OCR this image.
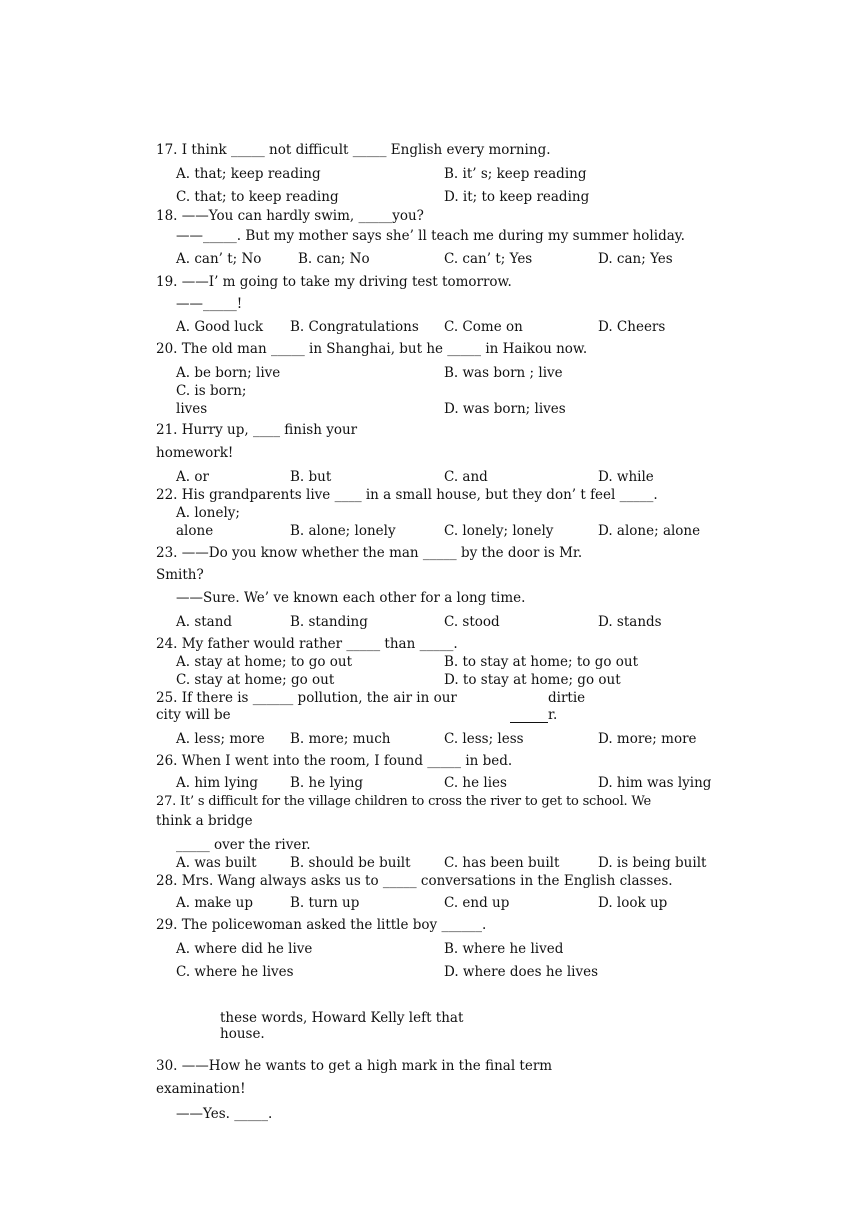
17. I think _____ not difficult _____ English every morning.
A. that; keep reading	B. it’ s; keep reading
C. that; to keep reading	D. it; to keep reading
18. ——You can hardly swim, _____you?
——_____. But my mother says she’ ll teach me during my summer holiday.
A. can’ t; No	B. can; No	C. can’ t; Yes	D. can; Yes
19. ——I’ m going to take my driving test tomorrow.
——_____!
A. Good luck B. Congratulations C. Come on	D. Cheers
20. The old man _____ in Shanghai, but he _____ in Haikou now.
A. be born; live	B. was born ; live
C. is born;
lives	D. was born; lives
21. Hurry up, ____ finish your
homework!
A. or	B. but	C. and	D. while
22. His grandparents live ____ in a small house, but they don’ t feel _____.
A. lonely;
alone	B. alone; lonely	C. lonely; lonely	D. alone; alone
23. ——Do you know whether the man _____ by the door is Mr.
Smith?
——Sure. We’ ve known each other for a long time.
A. stand	B. standing	C. stood	D. stands
24. My father would rather _____ than _____.
A. stay at home; to go out	B. to stay at home; to go out
C. stay at home; go out	D. to stay at home; go out
25. If there is ______ pollution, the air in our	dirtie
city will be	r.
A. less; more B. more; much	C. less; less	D. more; more
26. When I went into the room, I found _____ in bed.
A. him lying B. he lying	C. he lies	D. him was lying
27. It’ s difficult for the village children to cross the river to get to school. We
think a bridge
_____ over the river.
A. was built B. should be built C. has been built	D. is being built
28. Mrs. Wang always asks us to _____ conversations in the English classes.
A. make up	B. turn up	C. end up	D. look up
29. The policewoman asked the little boy ______.
A. where did he live	B. where he lived
C. where he lives	D. where does he lives
these words, Howard Kelly left that
house.
30. ——How he wants to get a high mark in the final term
examination!
——Yes. _____.
